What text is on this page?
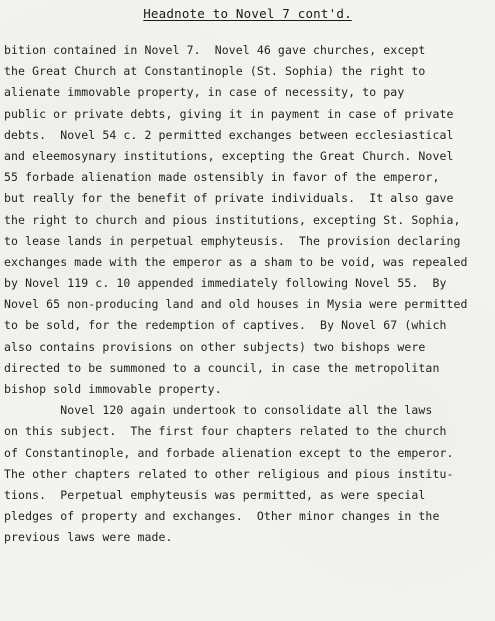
Headnote to Novel 7 cont'd.
bition contained in Novel 7.  Novel 46 gave churches, except
the Great Church at Constantinople (St. Sophia) the right to
alienate immovable property, in case of necessity, to pay
public or private debts, giving it in payment in case of private
debts.  Novel 54 c. 2 permitted exchanges between ecclesiastical
and eleemosynary institutions, excepting the Great Church. Novel
55 forbade alienation made ostensibly in favor of the emperor,
but really for the benefit of private individuals.  It also gave
the right to church and pious institutions, excepting St. Sophia,
to lease lands in perpetual emphyteusis.  The provision declaring
exchanges made with the emperor as a sham to be void, was repealed
by Novel 119 c. 10 appended immediately following Novel 55.  By
Novel 65 non-producing land and old houses in Mysia were permitted
to be sold, for the redemption of captives.  By Novel 67 (which
also contains provisions on other subjects) two bishops were
directed to be summoned to a council, in case the metropolitan
bishop sold immovable property.
Novel 120 again undertook to consolidate all the laws
on this subject.  The first four chapters related to the church
of Constantinople, and forbade alienation except to the emperor.
The other chapters related to other religious and pious institu-
tions.  Perpetual emphyteusis was permitted, as were special
pledges of property and exchanges.  Other minor changes in the
previous laws were made.
